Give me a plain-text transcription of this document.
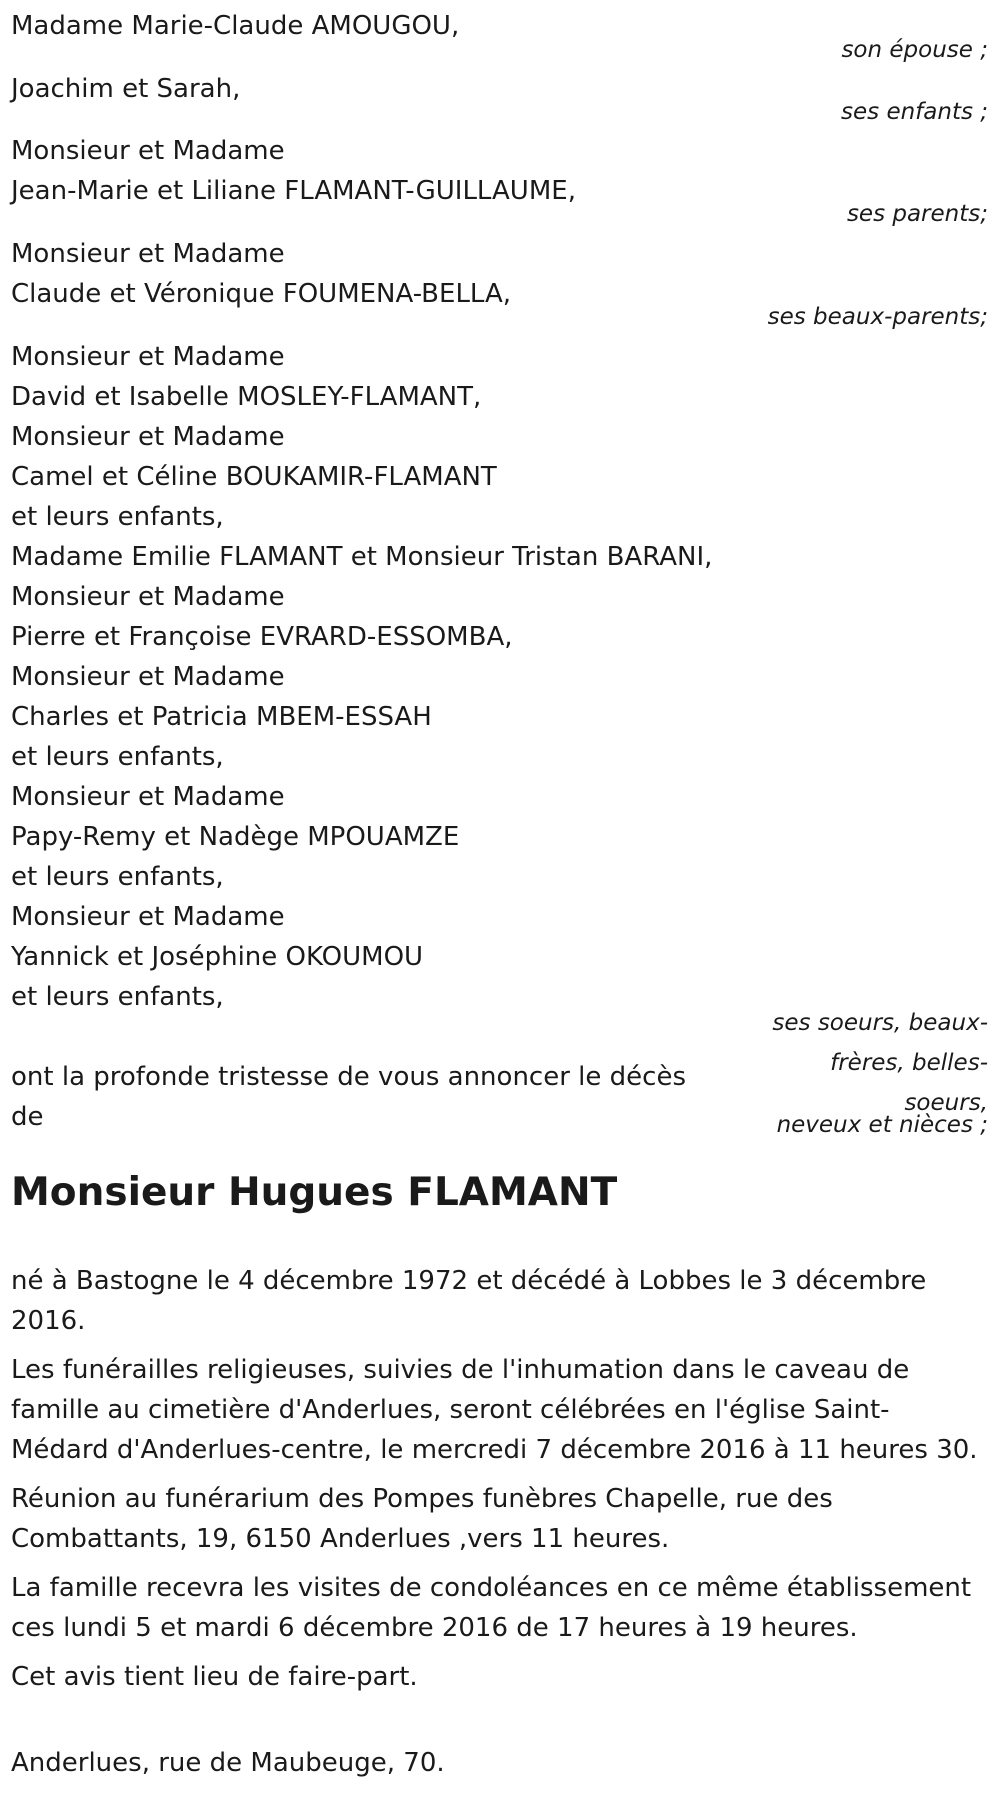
Madame Marie-Claude AMOUGOU,
son épouse ;
Joachim et Sarah,
ses enfants ;
Monsieur et Madame
Jean-Marie et Liliane FLAMANT-GUILLAUME,
ses parents;
Monsieur et Madame
Claude et Véronique FOUMENA-BELLA,
ses beaux-parents;
Monsieur et Madame
David et Isabelle MOSLEY-FLAMANT,
Monsieur et Madame
Camel et Céline BOUKAMIR-FLAMANT
et leurs enfants,
Madame Emilie FLAMANT et Monsieur Tristan BARANI,
Monsieur et Madame
Pierre et Françoise EVRARD-ESSOMBA,
Monsieur et Madame
Charles et Patricia MBEM-ESSAH
et leurs enfants,
Monsieur et Madame
Papy-Remy et Nadège MPOUAMZE
et leurs enfants,
Monsieur et Madame
Yannick et Joséphine OKOUMOU
et leurs enfants,
ses soeurs, beaux-
frères, belles-
soeurs,
neveux et nièces ;
ont la profonde tristesse de vous annoncer le décès
de
Monsieur Hugues FLAMANT
né à Bastogne le 4 décembre 1972 et décédé à Lobbes le 3 décembre
2016.
Les funérailles religieuses, suivies de l'inhumation dans le caveau de
famille au cimetière d'Anderlues, seront célébrées en l'église Saint-
Médard d'Anderlues-centre, le mercredi 7 décembre 2016 à 11 heures 30.
Réunion au funérarium des Pompes funèbres Chapelle, rue des
Combattants, 19, 6150 Anderlues ,vers 11 heures.
La famille recevra les visites de condoléances en ce même établissement
ces lundi 5 et mardi 6 décembre 2016 de 17 heures à 19 heures.
Cet avis tient lieu de faire-part.
Anderlues, rue de Maubeuge, 70.
